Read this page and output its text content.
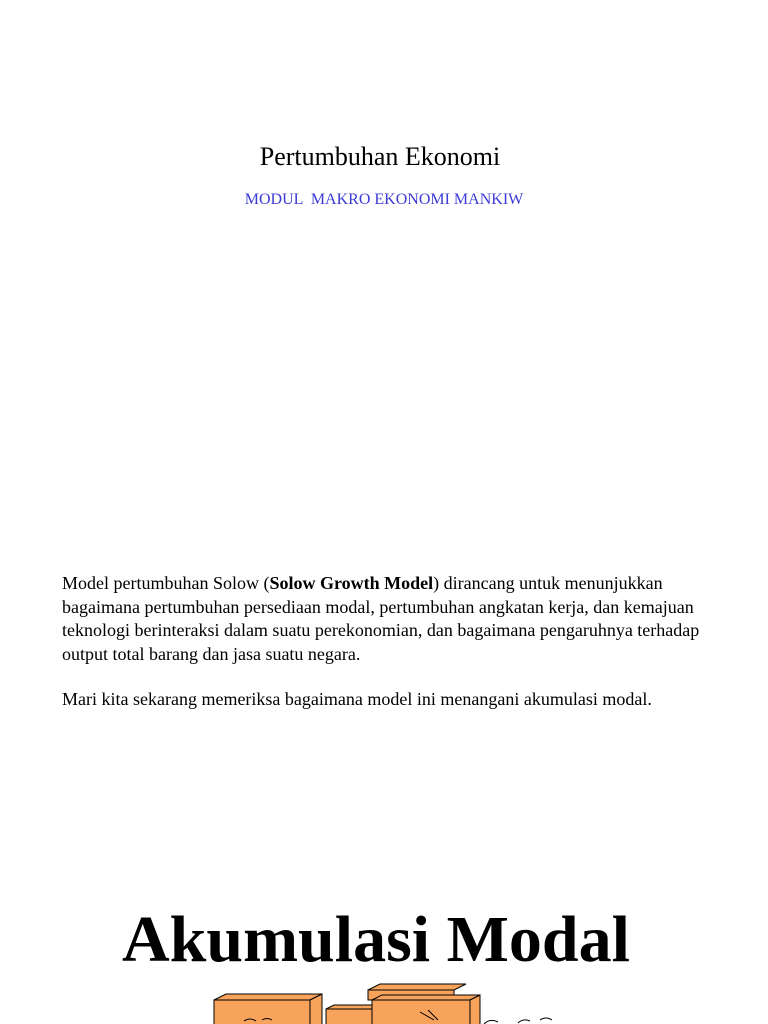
Pertumbuhan Ekonomi
MODUL  MAKRO EKONOMI MANKIW

Model pertumbuhan Solow (Solow Growth Model) dirancang untuk menunjukkan bagaimana pertumbuhan persediaan modal, pertumbuhan angkatan kerja, dan kemajuan teknologi berinteraksi dalam suatu perekonomian, dan bagaimana pengaruhnya terhadap output total barang dan jasa suatu negara.

Mari kita sekarang memeriksa bagaimana model ini menangani akumulasi modal.

Akumulasi Modal
